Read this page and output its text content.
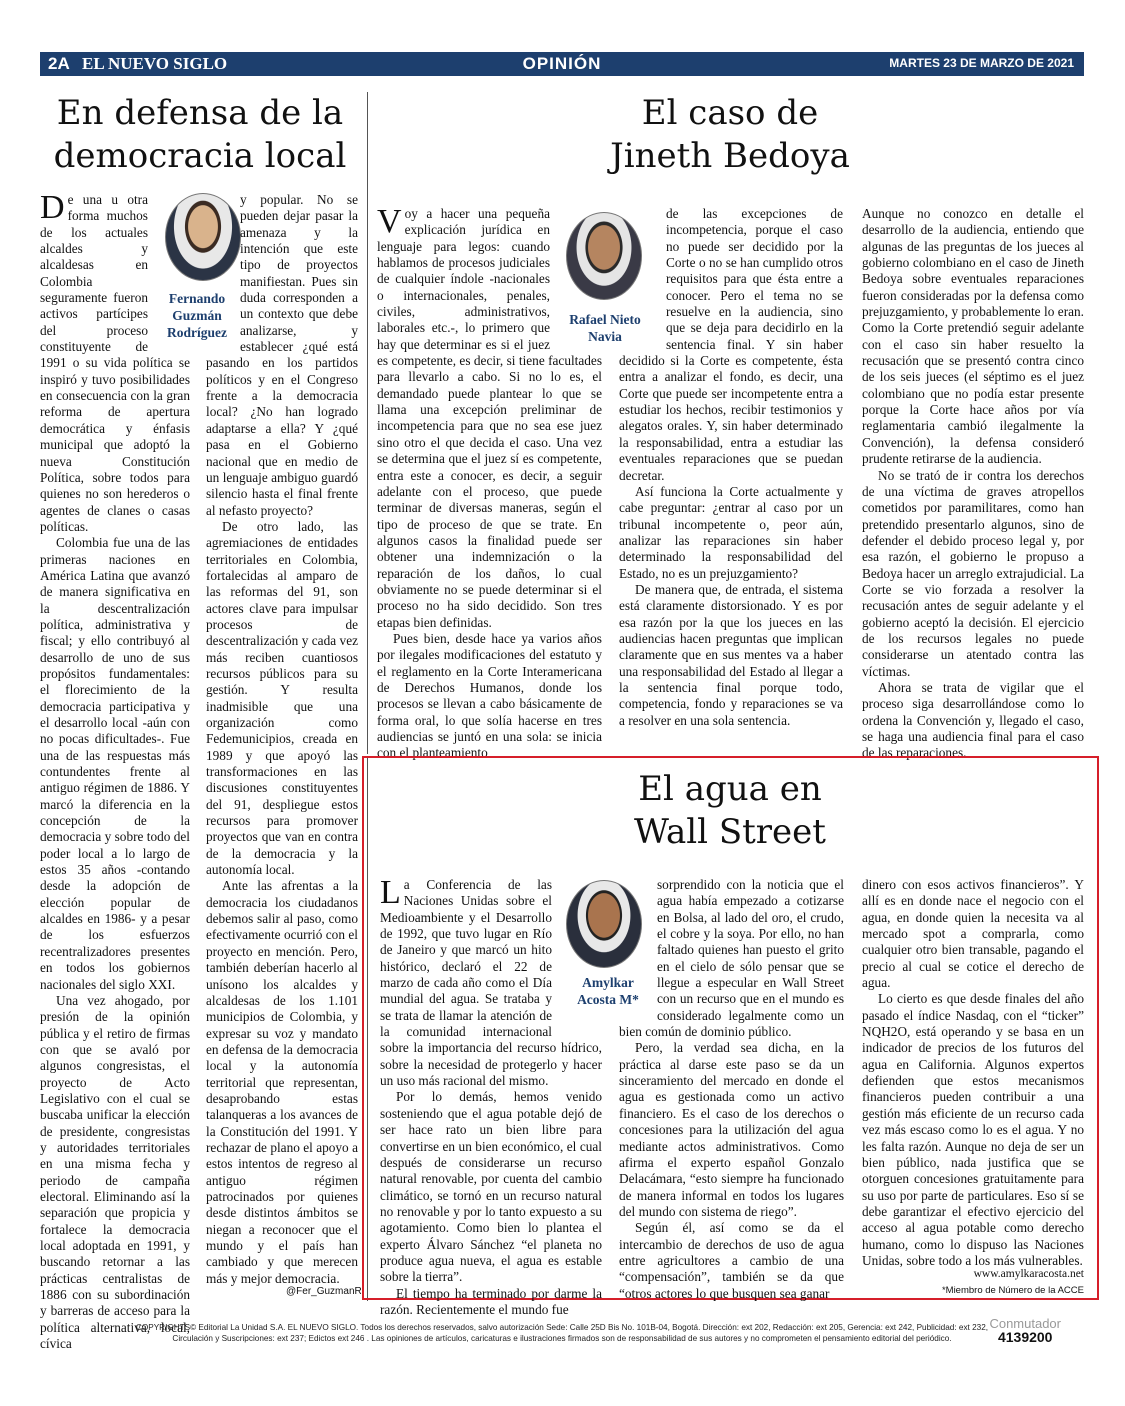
2A EL NUEVO SIGLO	OPINIÓN	MARTES 23 DE MARZO DE 2021
En defensa de la
democracia local
Fernando
Guzmán
Rodríguez

De una u otra forma muchos de los actuales alcaldes y alcaldesas en Colombia seguramente fueron activos partícipes del proceso constituyente de 1991 o su vida política se inspiró y tuvo posibilidades en consecuencia con la gran reforma de apertura democrática y énfasis municipal que adoptó la nueva Constitución Política, sobre todos para quienes no son herederos o agentes de clanes o casas políticas.

Colombia fue una de las primeras naciones en América Latina que avanzó de manera significativa en la descentralización política, administrativa y fiscal; y ello contribuyó al desarrollo de uno de sus propósitos fundamentales: el florecimiento de la democracia participativa y el desarrollo local -aún con no pocas dificultades-. Fue una de las respuestas más contundentes frente al antiguo régimen de 1886. Y marcó la diferencia en la concepción de la democracia y sobre todo del poder local a lo largo de estos 35 años -contando desde la adopción de elección popular de alcaldes en 1986- y a pesar de los esfuerzos recentralizadores presentes en todos los gobiernos nacionales del siglo XXI.

Una vez ahogado, por presión de la opinión pública y el retiro de firmas con que se avaló por algunos congresistas, el proyecto de Acto Legislativo con el cual se buscaba unificar la elección de presidente, congresistas y autoridades territoriales en una misma fecha y periodo de campaña electoral. Eliminando así la separación que propicia y fortalece la democracia local adoptada en 1991, y buscando retornar a las prácticas centralistas de 1886 con su subordinación y barreras de acceso para la política alternativa, local, cívica

y popular. No se pueden dejar pasar la amenaza y la intención que este tipo de proyectos manifiestan. Pues sin duda corresponden a un contexto que debe analizarse, y establecer ¿qué está pasando en los partidos políticos y en el Congreso frente a la democracia local? ¿No han logrado adaptarse a ella? Y ¿qué pasa en el Gobierno nacional que en medio de un lenguaje ambiguo guardó silencio hasta el final frente al nefasto proyecto?

De otro lado, las agremiaciones de entidades territoriales en Colombia, fortalecidas al amparo de las reformas del 91, son actores clave para impulsar procesos de descentralización y cada vez más reciben cuantiosos recursos públicos para su gestión. Y resulta inadmisible que una organización como Fedemunicipios, creada en 1989 y que apoyó las transformaciones en las discusiones constituyentes del 91, despliegue estos recursos para promover proyectos que van en contra de la democracia y la autonomía local.

Ante las afrentas a la democracia los ciudadanos debemos salir al paso, como efectivamente ocurrió con el proyecto en mención. Pero, también deberían hacerlo al unísono los alcaldes y alcaldesas de los 1.101 municipios de Colombia, y expresar su voz y mandato en defensa de la democracia local y la autonomía territorial que representan, desaprobando estas talanqueras a los avances de la Constitución del 1991. Y rechazar de plano el apoyo a estos intentos de regreso al antiguo régimen patrocinados por quienes desde distintos ámbitos se niegan a reconocer que el mundo y el país han cambiado y que merecen más y mejor democracia.

@Fer_GuzmanR
El caso de
Jineth Bedoya
Rafael Nieto
Navia

Voy a hacer una pequeña explicación jurídica en lenguaje para legos: cuando hablamos de procesos judiciales de cualquier índole -nacionales o internacionales, penales, civiles, administrativos, laborales etc.-, lo primero que hay que determinar es si el juez es competente, es decir, si tiene facultades para llevarlo a cabo. Si no lo es, el demandado puede plantear lo que se llama una excepción preliminar de incompetencia para que no sea ese juez sino otro el que decida el caso. Una vez se determina que el juez sí es competente, entra este a conocer, es decir, a seguir adelante con el proceso, que puede terminar de diversas maneras, según el tipo de proceso de que se trate. En algunos casos la finalidad puede ser obtener una indemnización o la reparación de los daños, lo cual obviamente no se puede determinar si el proceso no ha sido decidido. Son tres etapas bien definidas.

Pues bien, desde hace ya varios años por ilegales modificaciones del estatuto y el reglamento en la Corte Interamericana de Derechos Humanos, donde los procesos se llevan a cabo básicamente de forma oral, lo que solía hacerse en tres audiencias se juntó en una sola: se inicia con el planteamiento

de las excepciones de incompetencia, porque el caso no puede ser decidido por la Corte o no se han cumplido otros requisitos para que ésta entre a conocer. Pero el tema no se resuelve en la audiencia, sino que se deja para decidirlo en la sentencia final. Y sin haber decidido si la Corte es competente, ésta entra a analizar el fondo, es decir, una Corte que puede ser incompetente entra a estudiar los hechos, recibir testimonios y alegatos orales. Y, sin haber determinado la responsabilidad, entra a estudiar las eventuales reparaciones que se puedan decretar.

Así funciona la Corte actualmente y cabe preguntar: ¿entrar al caso por un tribunal incompetente o, peor aún, analizar las reparaciones sin haber determinado la responsabilidad del Estado, no es un prejuzgamiento?

De manera que, de entrada, el sistema está claramente distorsionado. Y es por esa razón por la que los jueces en las audiencias hacen preguntas que implican claramente que en sus mentes va a haber una responsabilidad del Estado al llegar a la sentencia final porque todo, competencia, fondo y reparaciones se va a resolver en una sola sentencia.

Aunque no conozco en detalle el desarrollo de la audiencia, entiendo que algunas de las preguntas de los jueces al gobierno colombiano en el caso de Jineth Bedoya sobre eventuales reparaciones fueron consideradas por la defensa como prejuzgamiento, y probablemente lo eran. Como la Corte pretendió seguir adelante con el caso sin haber resuelto la recusación que se presentó contra cinco de los seis jueces (el séptimo es el juez colombiano que no podía estar presente porque la Corte hace años por vía reglamentaria cambió ilegalmente la Convención), la defensa consideró prudente retirarse de la audiencia.

No se trató de ir contra los derechos de una víctima de graves atropellos cometidos por paramilitares, como han pretendido presentarlo algunos, sino de defender el debido proceso legal y, por esa razón, el gobierno le propuso a Bedoya hacer un arreglo extrajudicial. La Corte se vio forzada a resolver la recusación antes de seguir adelante y el gobierno aceptó la decisión. El ejercicio de los recursos legales no puede considerarse un atentado contra las víctimas.

Ahora se trata de vigilar que el proceso siga desarrollándose como lo ordena la Convención y, llegado el caso, se haga una audiencia final para el caso de las reparaciones.

El agua en
Wall Street
Amylkar
Acosta M*

La Conferencia de las Naciones Unidas sobre el Medioambiente y el Desarrollo de 1992, que tuvo lugar en Río de Janeiro y que marcó un hito histórico, declaró el 22 de marzo de cada año como el Día mundial del agua. Se trataba y se trata de llamar la atención de la comunidad internacional sobre la importancia del recurso hídrico, sobre la necesidad de protegerlo y hacer un uso más racional del mismo.

Por lo demás, hemos venido sosteniendo que el agua potable dejó de ser hace rato un bien libre para convertirse en un bien económico, el cual después de considerarse un recurso natural renovable, por cuenta del cambio climático, se tornó en un recurso natural no renovable y por lo tanto expuesto a su agotamiento. Como bien lo plantea el experto Álvaro Sánchez “el planeta no produce agua nueva, el agua es estable sobre la tierra”.

El tiempo ha terminado por darme la razón. Recientemente el mundo fue

sorprendido con la noticia que el agua había empezado a cotizarse en Bolsa, al lado del oro, el crudo, el cobre y la soya. Por ello, no han faltado quienes han puesto el grito en el cielo de sólo pensar que se llegue a especular en Wall Street con un recurso que en el mundo es considerado legalmente como un bien común de dominio público.

Pero, la verdad sea dicha, en la práctica al darse este paso se da un sinceramiento del mercado en donde el agua es gestionada como un activo financiero. Es el caso de los derechos o concesiones para la utilización del agua mediante actos administrativos. Como afirma el experto español Gonzalo Delacámara, “esto siempre ha funcionado de manera informal en todos los lugares del mundo con sistema de riego”.

Según él, así como se da el intercambio de derechos de uso de agua entre agricultores a cambio de una “compensación”, también se da que “otros actores lo que busquen sea ganar

dinero con esos activos financieros”. Y allí es en donde nace el negocio con el agua, en donde quien la necesita va al mercado spot a comprarla, como cualquier otro bien transable, pagando el precio al cual se cotice el derecho de agua.

Lo cierto es que desde finales del año pasado el índice Nasdaq, con el “ticker” NQH2O, está operando y se basa en un indicador de precios de los futuros del agua en California. Algunos expertos defienden que estos mecanismos financieros pueden contribuir a una gestión más eficiente de un recurso cada vez más escaso como lo es el agua. Y no les falta razón. Aunque no deja de ser un bien público, nada justifica que se otorguen concesiones gratuitamente para su uso por parte de particulares. Eso sí se debe garantizar el efectivo ejercicio del acceso al agua potable como derecho humano, como lo dispuso las Naciones Unidas, sobre todo a los más vulnerables.

www.amylkaracosta.net
*Miembro de Número de la ACCE
COPYRIGHTS© Editorial La Unidad S.A. EL NUEVO SIGLO. Todos los derechos reservados, salvo autorización Sede: Calle 25D Bis No. 101B-04, Bogotá. Dirección: ext 202, Redacción: ext 205, Gerencia: ext 242, Publicidad: ext 232,
Circulación y Suscripciones: ext 237; Edictos ext 246 . Las opiniones de artículos, caricaturas e ilustraciones firmados son de responsabilidad de sus autores y no comprometen el pensamiento editorial del periódico.
Conmutador
4139200
